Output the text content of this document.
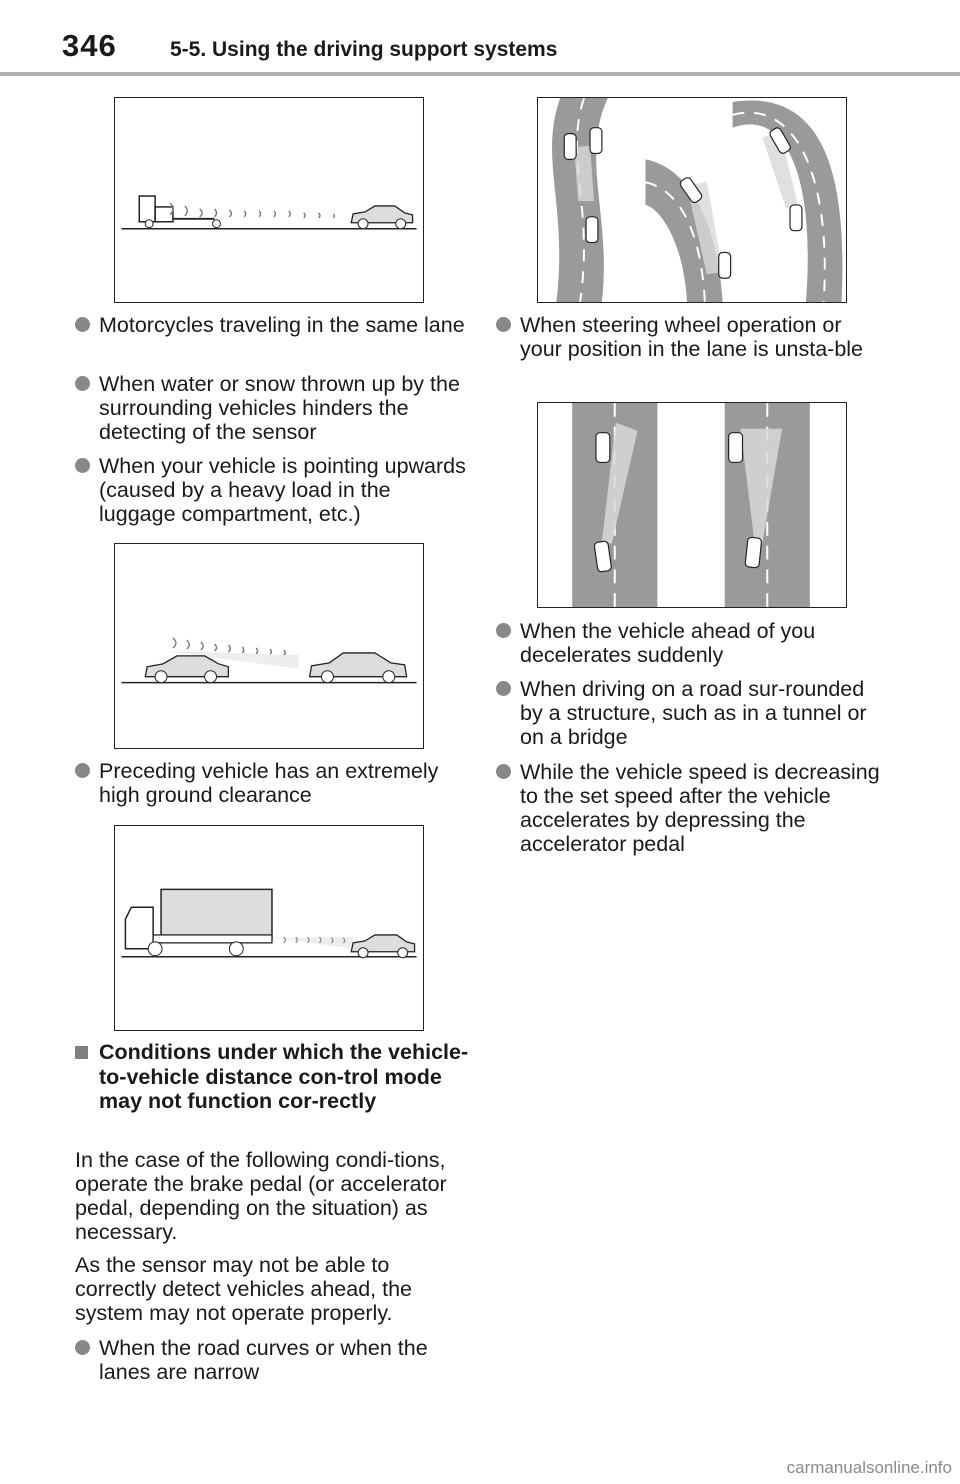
346	5-5. Using the driving support systems
Motorcycles traveling in the same lane
When water or snow thrown up by the surrounding vehicles hinders the detecting of the sensor
When your vehicle is pointing upwards (caused by a heavy load in the luggage compartment, etc.)
Preceding vehicle has an extremely high ground clearance
Conditions under which the vehicle-to-vehicle distance con-trol mode may not function cor-rectly
In the case of the following condi-tions, operate the brake pedal (or accelerator pedal, depending on the situation) as necessary.
As the sensor may not be able to correctly detect vehicles ahead, the system may not operate properly.
When the road curves or when the lanes are narrow
When steering wheel operation or your position in the lane is unsta-ble
When the vehicle ahead of you decelerates suddenly
When driving on a road sur-rounded by a structure, such as in a tunnel or on a bridge
While the vehicle speed is decreasing to the set speed after the vehicle accelerates by depressing the accelerator pedal
carmanualsonline.info
